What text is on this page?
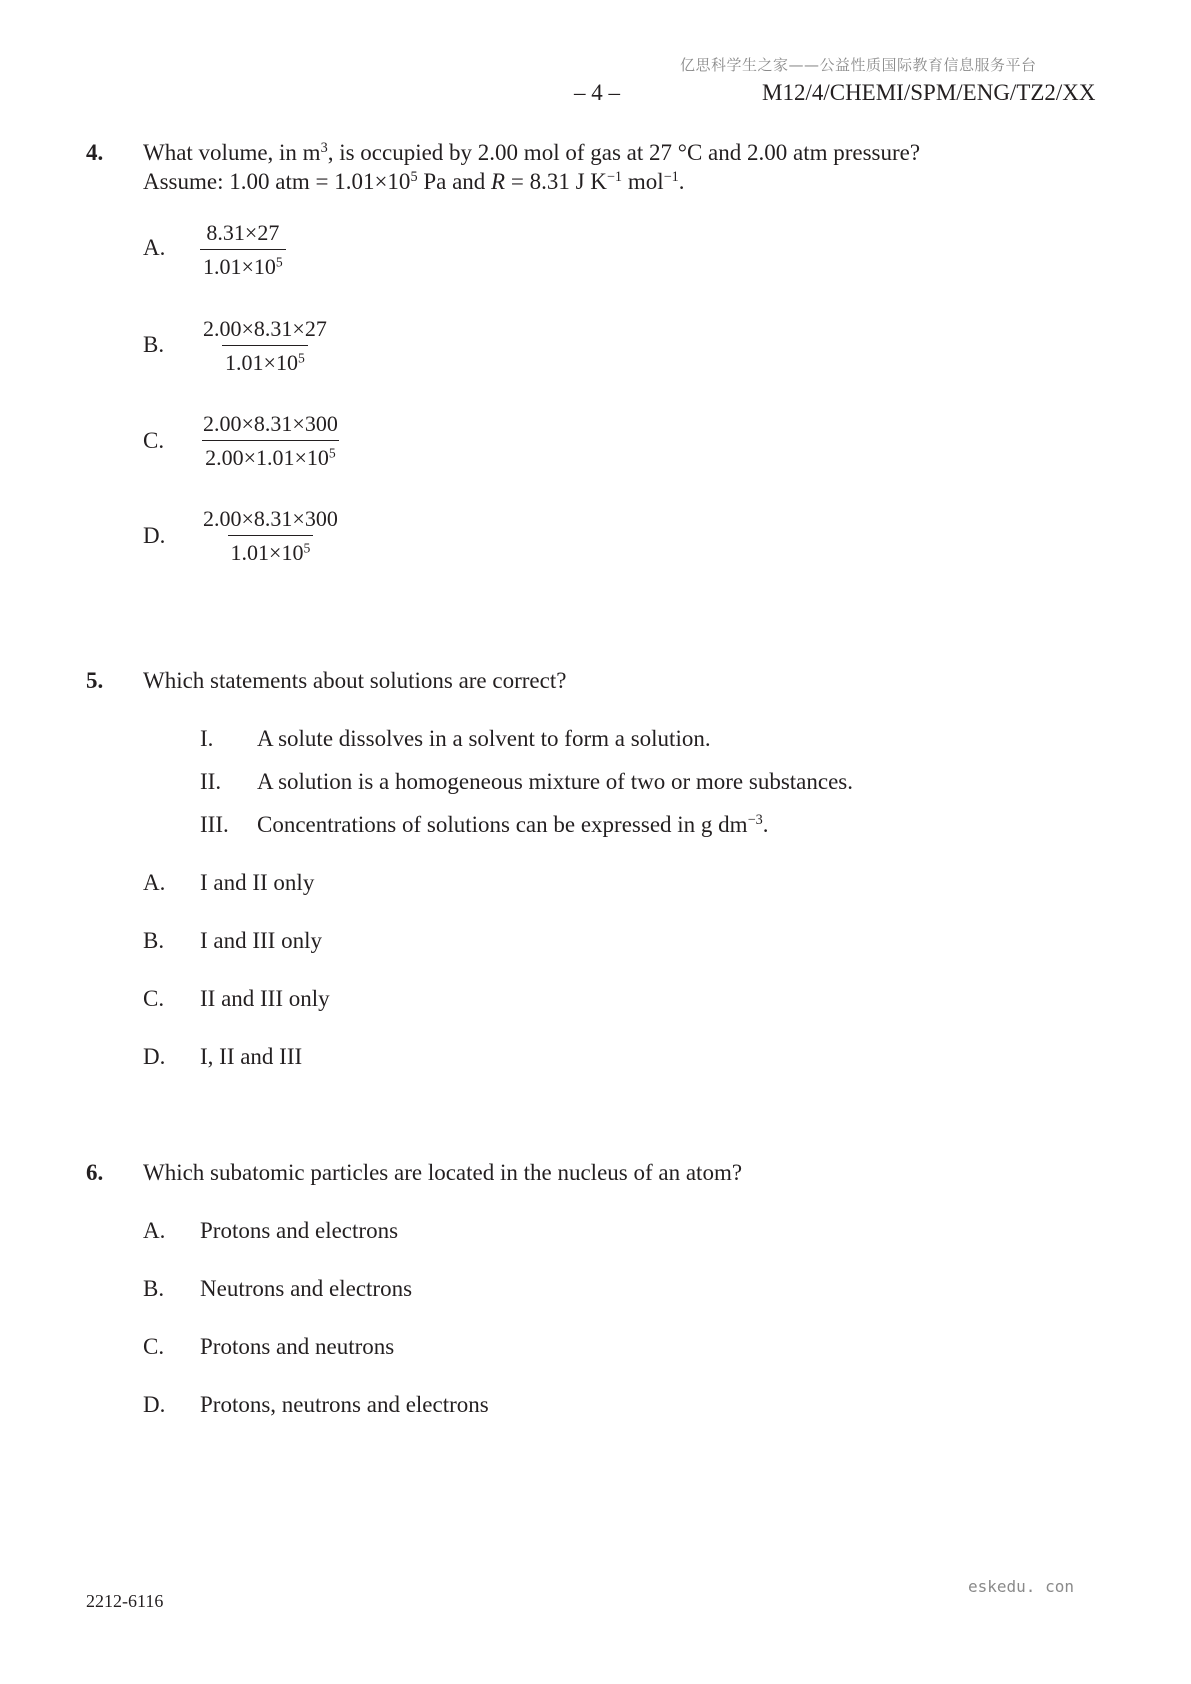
亿思科学生之家——公益性质国际教育信息服务平台
– 4 –	M12/4/CHEMI/SPM/ENG/TZ2/XX
4. What volume, in $m^3$, is occupied by 2.00 mol of gas at 27 °C and 2.00 atm pressure?
Assume: 1.00 atm = $1.01\times 10^5$ Pa and R = 8.31 J $K^{-1}$ mol$^{-1}$.
A. $\frac{8.31\times 27}{1.01\times 10^5}$
B. $\frac{2.00\times 8.31\times 27}{1.01\times 10^5}$
C. $\frac{2.00\times 8.31\times 300}{2.00\times 1.01\times 10^5}$
D. $\frac{2.00\times 8.31\times 300}{1.01\times 10^5}$
5. Which statements about solutions are correct?
I. A solute dissolves in a solvent to form a solution.
II. A solution is a homogeneous mixture of two or more substances.
III. Concentrations of solutions can be expressed in g $dm^{-3}$.
A. I and II only
B. I and III only
C. II and III only
D. I, II and III
6. Which subatomic particles are located in the nucleus of an atom?
A. Protons and electrons
B. Neutrons and electrons
C. Protons and neutrons
D. Protons, neutrons and electrons
eskedu. con
2212-6116
